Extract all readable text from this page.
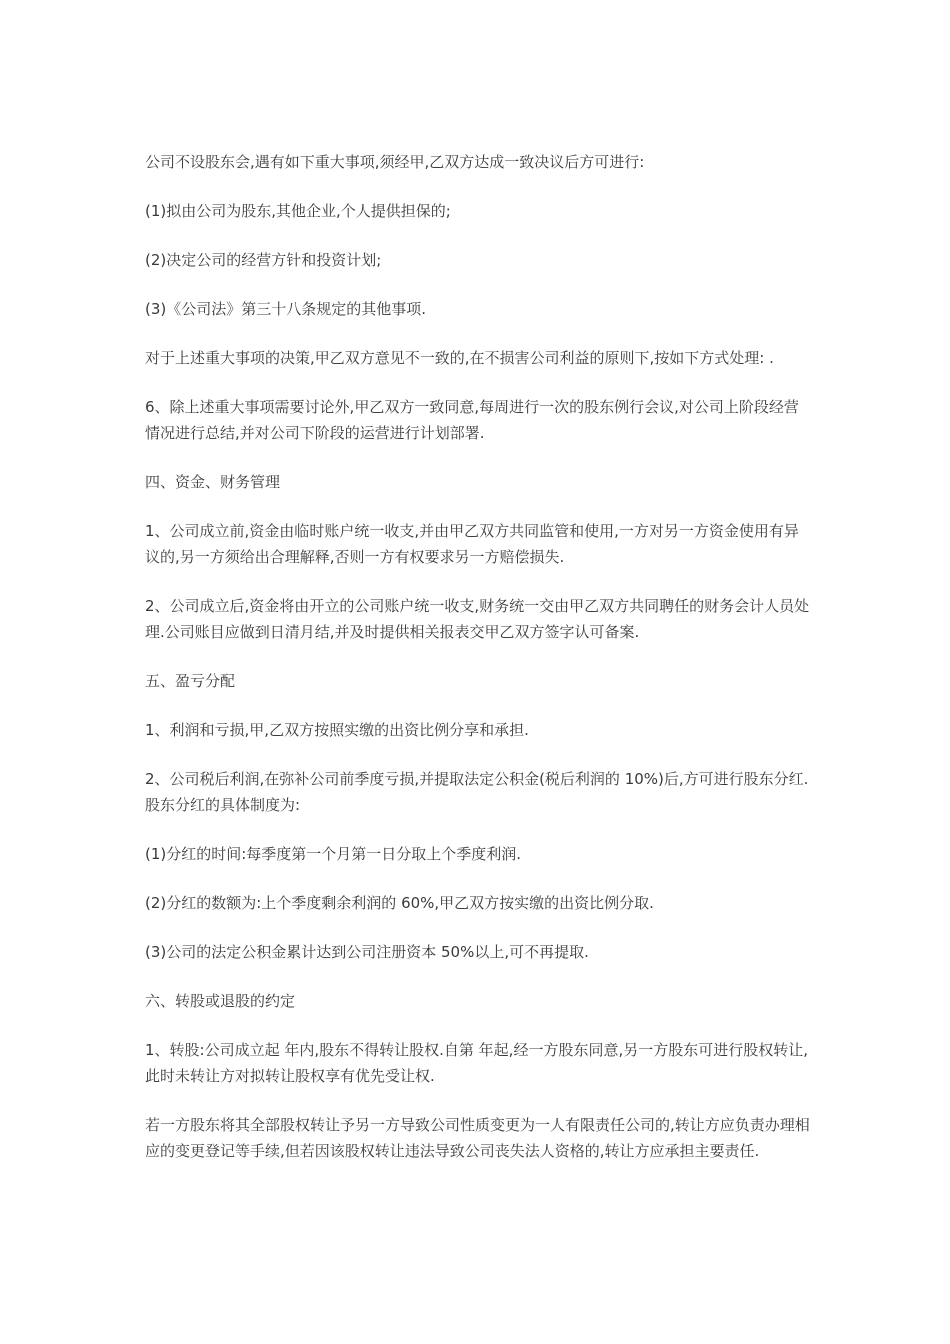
公司不设股东会,遇有如下重大事项,须经甲,乙双方达成一致决议后方可进行:

(1)拟由公司为股东,其他企业,个人提供担保的;

(2)决定公司的经营方针和投资计划;

(3)《公司法》第三十八条规定的其他事项.

对于上述重大事项的决策,甲乙双方意见不一致的,在不损害公司利益的原则下,按如下方式处理: .

6、除上述重大事项需要讨论外,甲乙双方一致同意,每周进行一次的股东例行会议,对公司上阶段经营情况进行总结,并对公司下阶段的运营进行计划部署.

四、资金、财务管理

1、公司成立前,资金由临时账户统一收支,并由甲乙双方共同监管和使用,一方对另一方资金使用有异议的,另一方须给出合理解释,否则一方有权要求另一方赔偿损失.

2、公司成立后,资金将由开立的公司账户统一收支,财务统一交由甲乙双方共同聘任的财务会计人员处理.公司账目应做到日清月结,并及时提供相关报表交甲乙双方签字认可备案.

五、盈亏分配

1、利润和亏损,甲,乙双方按照实缴的出资比例分享和承担.

2、公司税后利润,在弥补公司前季度亏损,并提取法定公积金(税后利润的 10%)后,方可进行股东分红.股东分红的具体制度为:

(1)分红的时间:每季度第一个月第一日分取上个季度利润.

(2)分红的数额为:上个季度剩余利润的 60%,甲乙双方按实缴的出资比例分取.

(3)公司的法定公积金累计达到公司注册资本 50%以上,可不再提取.

六、转股或退股的约定

1、转股:公司成立起 年内,股东不得转让股权.自第 年起,经一方股东同意,另一方股东可进行股权转让,此时未转让方对拟转让股权享有优先受让权.

若一方股东将其全部股权转让予另一方导致公司性质变更为一人有限责任公司的,转让方应负责办理相应的变更登记等手续,但若因该股权转让违法导致公司丧失法人资格的,转让方应承担主要责任.
